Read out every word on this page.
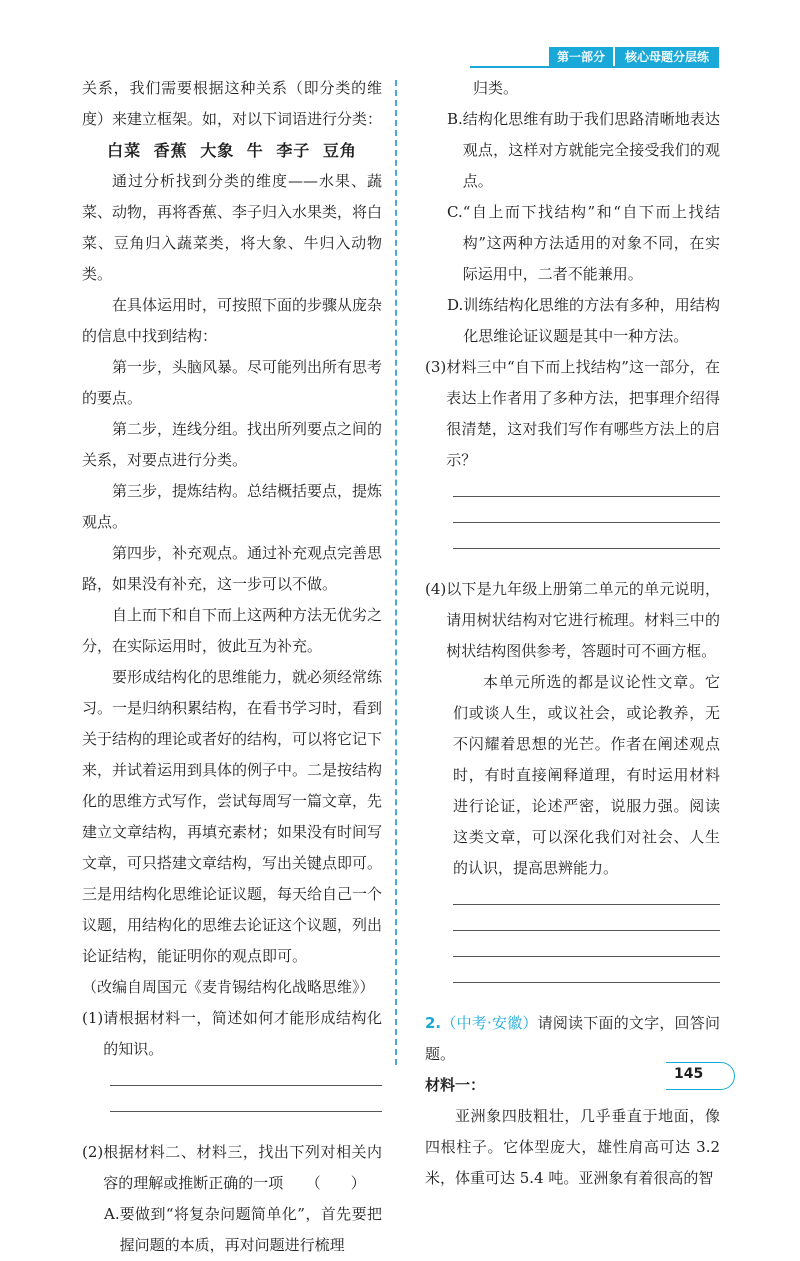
第一部分	核心母题分层练

关系，我们需要根据这种关系（即分类的维度）来建立框架。如，对以下词语进行分类：

白菜 香蕉 大象 牛 李子 豆角

通过分析找到分类的维度——水果、蔬菜、动物，再将香蕉、李子归入水果类，将白菜、豆角归入蔬菜类，将大象、牛归入动物类。

在具体运用时，可按照下面的步骤从庞杂的信息中找到结构：

第一步，头脑风暴。尽可能列出所有思考的要点。

第二步，连线分组。找出所列要点之间的关系，对要点进行分类。

第三步，提炼结构。总结概括要点，提炼观点。

第四步，补充观点。通过补充观点完善思路，如果没有补充，这一步可以不做。

自上而下和自下而上这两种方法无优劣之分，在实际运用时，彼此互为补充。

要形成结构化的思维能力，就必须经常练习。一是归纳积累结构，在看书学习时，看到关于结构的理论或者好的结构，可以将它记下来，并试着运用到具体的例子中。二是按结构化的思维方式写作，尝试每周写一篇文章，先建立文章结构，再填充素材；如果没有时间写文章，可只搭建文章结构，写出关键点即可。三是用结构化思维论证议题，每天给自己一个议题，用结构化的思维去论证这个议题，列出论证结构，能证明你的观点即可。

（改编自周国元《麦肯锡结构化战略思维》）

(1) 请根据材料一，简述如何才能形成结构化的知识。
(2) 根据材料二、材料三，找出下列对相关内容的理解或推断正确的一项　　（　　）
A. 要做到“将复杂问题简单化”，首先要把握问题的本质，再对问题进行梳理

归类。

B. 结构化思维有助于我们思路清晰地表达观点，这样对方就能完全接受我们的观点。
C. “自上而下找结构”和“自下而上找结构”这两种方法适用的对象不同，在实际运用中，二者不能兼用。
D. 训练结构化思维的方法有多种，用结构化思维论证议题是其中一种方法。
(3) 材料三中“自下而上找结构”这一部分，在表达上作者用了多种方法，把事理介绍得很清楚，这对我们写作有哪些方法上的启示？
(4) 以下是九年级上册第二单元的单元说明，请用树状结构对它进行梳理。材料三中的树状结构图供参考，答题时可不画方框。

本单元所选的都是议论性文章。它们或谈人生，或议社会，或论教养，无不闪耀着思想的光芒。作者在阐述观点时，有时直接阐释道理，有时运用材料进行论证，论述严密，说服力强。阅读这类文章，可以深化我们对社会、人生的认识，提高思辨能力。

2.（中考·安徽）请阅读下面的文字，回答问题。

材料一：

亚洲象四肢粗壮，几乎垂直于地面，像四根柱子。它体型庞大，雄性肩高可达 3.2 米，体重可达 5.4 吨。亚洲象有着很高的智

145
